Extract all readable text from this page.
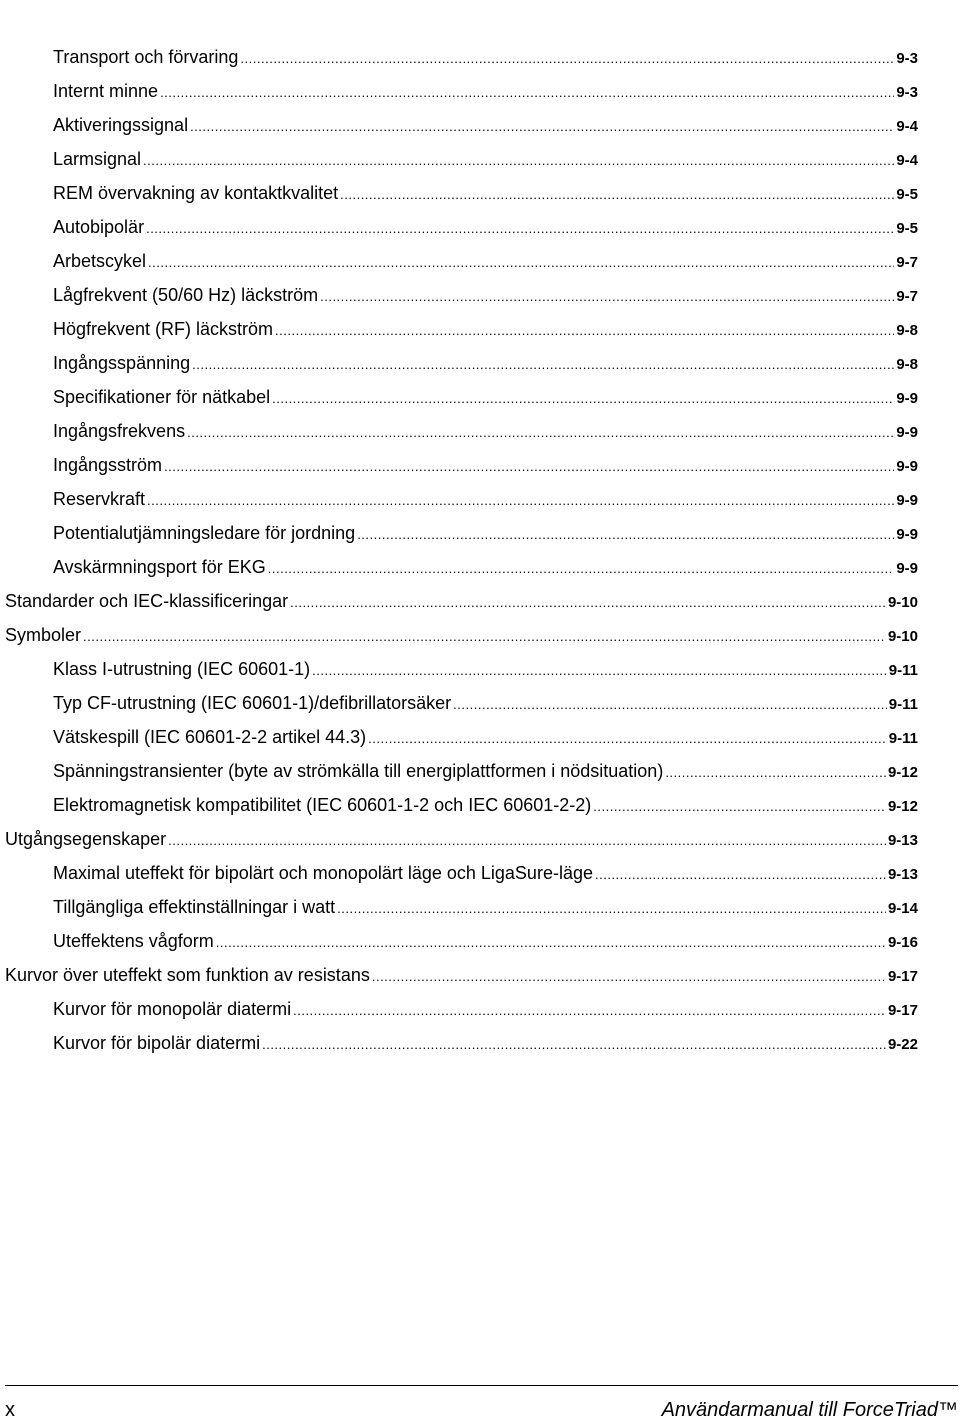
Transport och förvaring .....	9-3
Internt minne .....	9-3
Aktiveringssignal .....	9-4
Larmsignal .....	9-4
REM övervakning av kontaktkvalitet .....	9-5
Autobipolär .....	9-5
Arbetscykel .....	9-7
Lågfrekvent (50/60 Hz) läckström .....	9-7
Högfrekvent (RF) läckström .....	9-8
Ingångsspänning .....	9-8
Specifikationer för nätkabel .....	9-9
Ingångsfrekvens .....	9-9
Ingångsström .....	9-9
Reservkraft .....	9-9
Potentialutjämningsledare för jordning .....	9-9
Avskärmningsport för EKG .....	9-9
Standarder och IEC-klassificeringar .....	9-10
Symboler .....	9-10
Klass I-utrustning (IEC 60601-1) .....	9-11
Typ CF-utrustning (IEC 60601-1)/defibrillatorsäker .....	9-11
Vätskespill (IEC 60601-2-2 artikel 44.3) .....	9-11
Spänningstransienter (byte av strömkälla till energiplattformen i nödsituation) .....	9-12
Elektromagnetisk kompatibilitet (IEC 60601-1-2 och IEC 60601-2-2) .....	9-12
Utgångsegenskaper .....	9-13
Maximal uteffekt för bipolärt och monopolärt läge och LigaSure-läge .....	9-13
Tillgängliga effektinställningar i watt .....	9-14
Uteffektens vågform .....	9-16
Kurvor över uteffekt som funktion av resistans .....	9-17
Kurvor för monopolär diatermi .....	9-17
Kurvor för bipolär diatermi .....	9-22
x	Användarmanual till ForceTriad™
